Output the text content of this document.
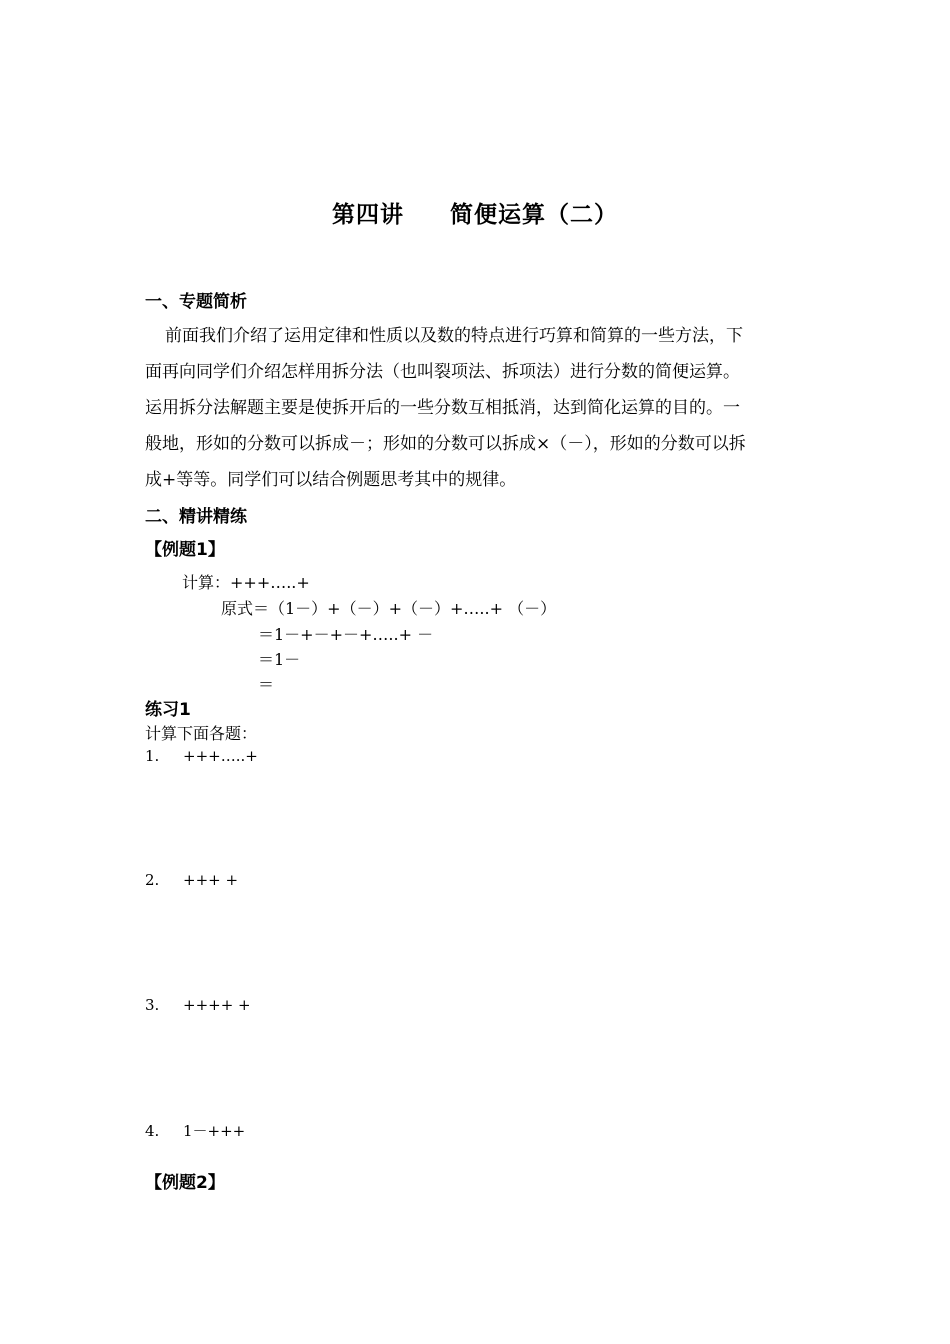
第四讲 简便运算（二）
一、专题简析
前面我们介绍了运用定律和性质以及数的特点进行巧算和简算的一些方法，下
面再向同学们介绍怎样用拆分法（也叫裂项法、拆项法）进行分数的简便运算。
运用拆分法解题主要是使拆开后的一些分数互相抵消，达到简化运算的目的。一
般地，形如的分数可以拆成－；形如的分数可以拆成×（－），形如的分数可以拆
成+等等。同学们可以结合例题思考其中的规律。
二、精讲精练
【例题1】
计算：+++…..+
原式＝（1－）+（－）+（－）+…..+ （－）
＝1－+－+－+…..+ －
＝1－
＝
练习1
计算下面各题：
1. +++…..+
2. +++ +
3. ++++ +
4. 1－+++
【例题2】
